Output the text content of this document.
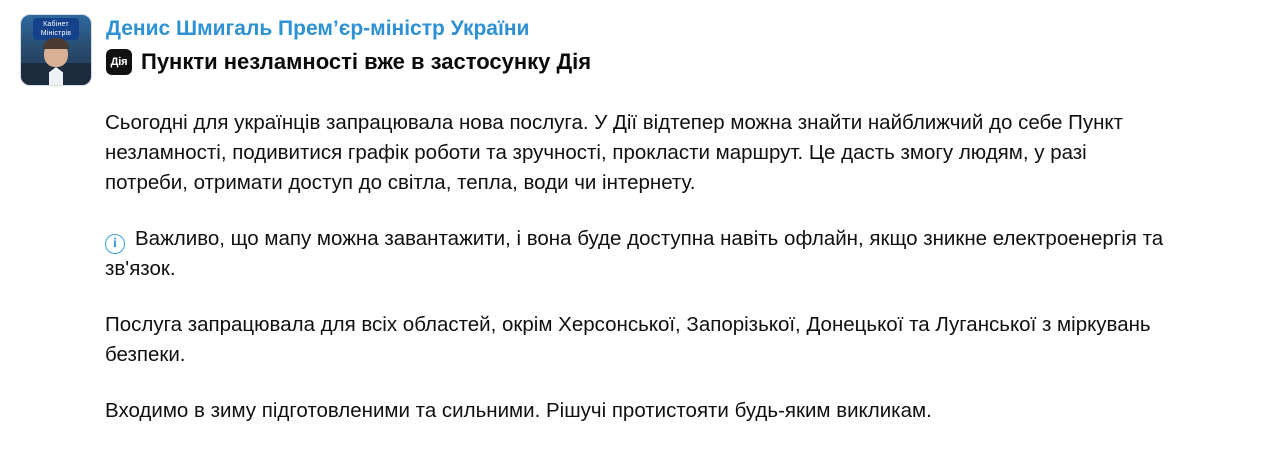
Кабінет
Міністрів	Денис Шмигаль Прем’єр-міністр України
Дія Пункти незламності вже в застосунку Дія

Сьогодні для українців запрацювала нова послуга. У Дії відтепер можна знайти найближчий до себе Пункт незламності, подивитися графік роботи та зручності, прокласти маршрут. Це дасть змогу людям, у разі потреби, отримати доступ до світла, тепла, води чи інтернету.

i Важливо, що мапу можна завантажити, і вона буде доступна навіть офлайн, якщо зникне електроенергія та зв'язок.

Послуга запрацювала для всіх областей, окрім Херсонської, Запорізької, Донецької та Луганської з міркувань безпеки.

Входимо в зиму підготовленими та сильними. Рішучі протистояти будь-яким викликам.
